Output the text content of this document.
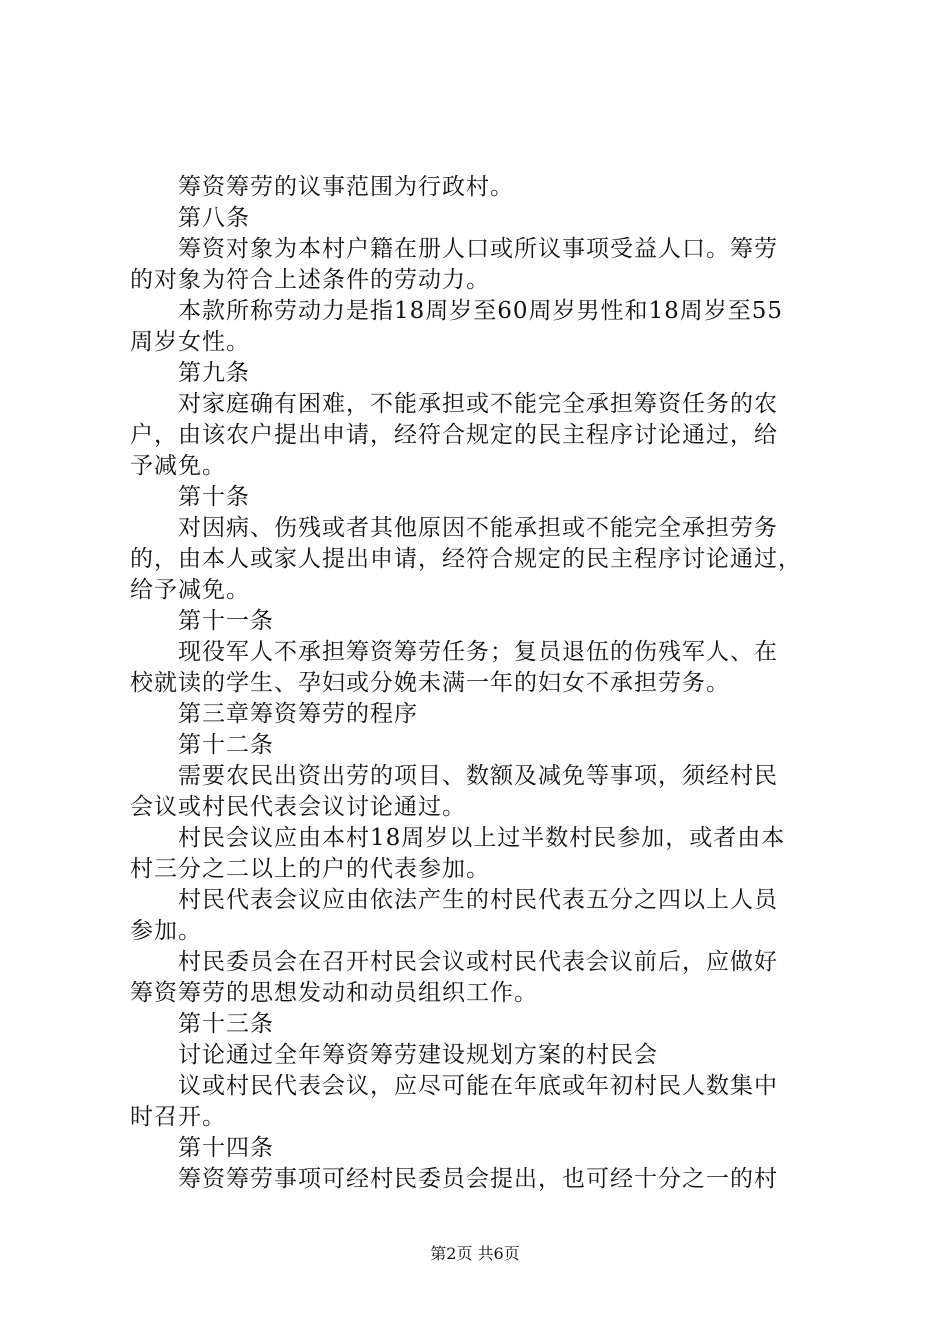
筹资筹劳的议事范围为行政村。
第八条
筹资对象为本村户籍在册人口或所议事项受益人口。筹劳
的对象为符合上述条件的劳动力。
本款所称劳动力是指18周岁至60周岁男性和18周岁至55
周岁女性。
第九条
对家庭确有困难，不能承担或不能完全承担筹资任务的农
户，由该农户提出申请，经符合规定的民主程序讨论通过，给
予减免。
第十条
对因病、伤残或者其他原因不能承担或不能完全承担劳务
的，由本人或家人提出申请，经符合规定的民主程序讨论通过，
给予减免。
第十一条
现役军人不承担筹资筹劳任务；复员退伍的伤残军人、在
校就读的学生、孕妇或分娩未满一年的妇女不承担劳务。
第三章筹资筹劳的程序
第十二条
需要农民出资出劳的项目、数额及减免等事项，须经村民
会议或村民代表会议讨论通过。
村民会议应由本村18周岁以上过半数村民参加，或者由本
村三分之二以上的户的代表参加。
村民代表会议应由依法产生的村民代表五分之四以上人员
参加。
村民委员会在召开村民会议或村民代表会议前后，应做好
筹资筹劳的思想发动和动员组织工作。
第十三条
讨论通过全年筹资筹劳建设规划方案的村民会
议或村民代表会议，应尽可能在年底或年初村民人数集中
时召开。
第十四条
筹资筹劳事项可经村民委员会提出，也可经十分之一的村
第2页 共6页
